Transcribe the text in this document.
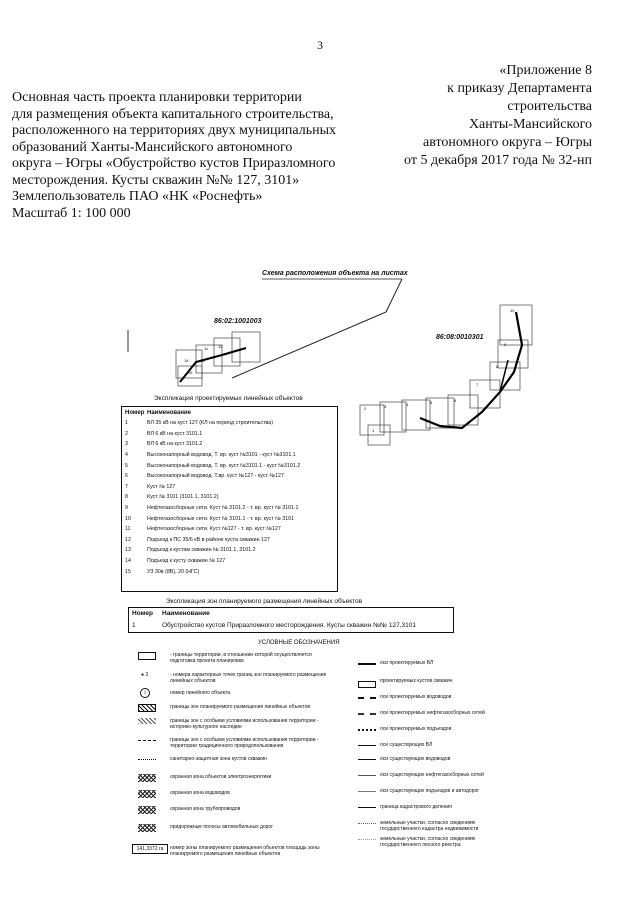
3
«Приложение 8
к приказу Департамента
строительства
Ханты-Мансийского
автономного округа – Югры
от 5 декабря 2017 года № 32-нп
Основная часть проекта планировки территории
для размещения объекта капитального строительства,
расположенного на территориях двух муниципальных
образований Ханты-Мансийского автономного
округа – Югры «Обустройство кустов Приразломного
месторождения. Кусты скважин №№ 127, 3101»
Землепользователь ПАО «НК «Роснефть»
Масштаб 1: 100 000
11 12
13
14
15
10
9
8
7
6
5
4
3
2
1
Схема расположения объекта на листах
86:02:1001003
86:08:0010301
Экспликация проектируемых линейных объектов
Номер Наименование
1	ВЛ 35 кВ на куст 127 (КЛ на период строительства)
2	ВЛ 6 кВ на куст 3101.1
3	ВЛ 6 кВ на куст 3101.2
4	Высоконапорный водовод. Т. вр. куст №3101 - куст №3101.1
5	Высоконапорный водовод. Т. вр. куст №3101.1 - куст №3101.2
6	Высоконапорный водовод. Т.вр. куст №127 - куст №127
7	Куст № 127
8	Куст № 3101 (3101.1, 3101.2)
9	Нефтегазосборные сети. Куст № 3101.2 - т. вр. куст № 3101.1
10	Нефтегазосборные сети. Куст № 3101.1 - т. вр. куст № 3101
11	Нефтегазосборные сети. Куст №127 - т. вр. куст №127
12	Подъезд к ПС 35/6 кВ в районе куста скважин 127
13	Подъезд к кустам скважин № 3101.1, 3101.2
14	Подъезд к кусту скважин № 127
15	УЗ 30в (8В), 20 (НГС)
Экспликация зон планируемого размещения линейных объектов
Номер	Наименование
1	Обустройство кустов Приразломного месторождения. Кусты скважин №№ 127,3101
УСЛОВНЫЕ ОБОЗНАЧЕНИЯ
- границы территории, в отношении которой осуществляется подготовка проекта планировки
● 3	- номера характерных точек границ зон планируемого размещения линейных объектов
1	номер линейного объекта
границы зон планируемого размещения линейных объектов
границы зон с особыми условиями использования территории - историко-культурное наследие
границы зон с особыми условиями использования территории - территории традиционного природопользования
санитарно-защитная зона кустов скважин
охранная зона объектов электроэнергетики
охранная зона водоводов
охранная зона трубопроводов
придорожные полосы автомобильных дорог
141,3372 га	номер зоны планируемого размещения объектов площадь зоны планируемого размещения линейных объектов
оси проектируемых ВЛ
проектируемых кустов скважин
оси проектируемых водоводов
оси проектируемых нефтегазосборных сетей
оси проектируемых подъездов
оси существующих ВЛ
оси существующих водоводов
оси существующих нефтегазосборных сетей
оси существующих подъездов и автодорог
граница кадастрового деления
земельные участки, согласно сведениям государственного кадастра недвижимости
земельные участки, согласно сведениям государственного лесного реестра
